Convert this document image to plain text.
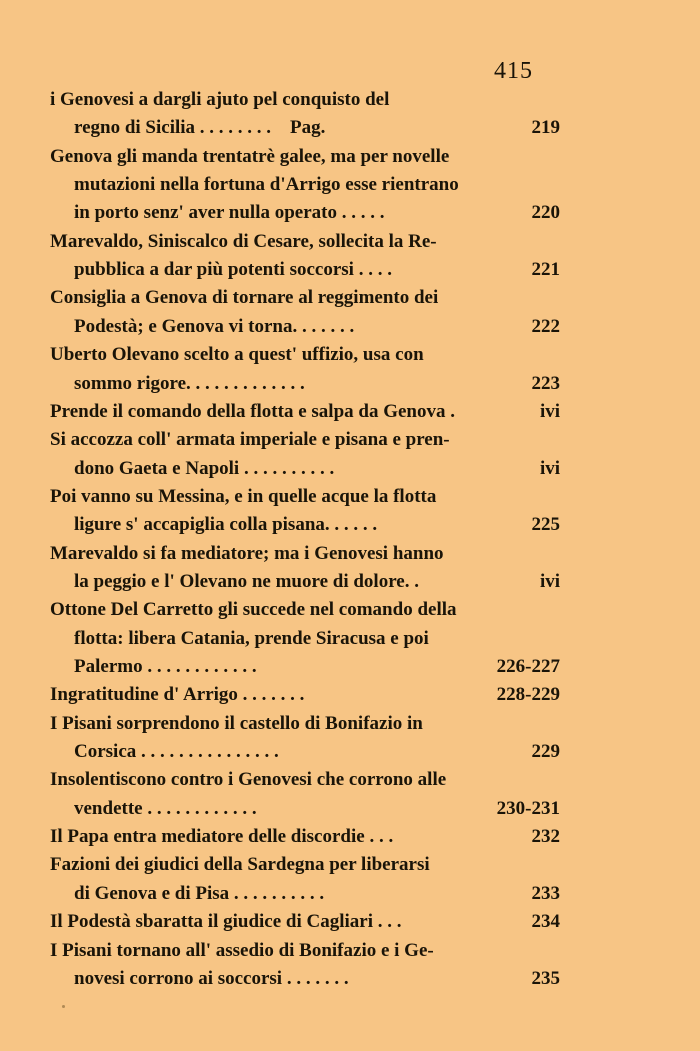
415
i Genovesi a dargli ajuto pel conquisto del
regno di Sicilia . . . . . . . .    Pag.	219
Genova gli manda trentatrè galee, ma per novelle
mutazioni nella fortuna d'Arrigo esse rientrano
in porto senz' aver nulla operato . . . . .	220
Marevaldo, Siniscalco di Cesare, sollecita la Re-
pubblica a dar più potenti soccorsi . . . .	221
Consiglia a Genova di tornare al reggimento dei
Podestà; e Genova vi torna. . . . . . .	222
Uberto Olevano scelto a quest' uffizio, usa con
sommo rigore. . . . . . . . . . . . .	223
Prende il comando della flotta e salpa da Genova .	ivi
Si accozza coll' armata imperiale e pisana e pren-
dono Gaeta e Napoli . . . . . . . . . .	ivi
Poi vanno su Messina, e in quelle acque la flotta
ligure s' accapiglia colla pisana. . . . . .	225
Marevaldo si fa mediatore; ma i Genovesi hanno
la peggio e l' Olevano ne muore di dolore. .	ivi
Ottone Del Carretto gli succede nel comando della
flotta: libera Catania, prende Siracusa e poi
Palermo . . . . . . . . . . . .	226-227
Ingratitudine d' Arrigo . . . . . . .	228-229
I Pisani sorprendono il castello di Bonifazio in
Corsica . . . . . . . . . . . . . . .	229
Insolentiscono contro i Genovesi che corrono alle
vendette . . . . . . . . . . . .	230-231
Il Papa entra mediatore delle discordie . . .	232
Fazioni dei giudici della Sardegna per liberarsi
di Genova e di Pisa . . . . . . . . . .	233
Il Podestà sbaratta il giudice di Cagliari . . .	234
I Pisani tornano all' assedio di Bonifazio e i Ge-
novesi corrono ai soccorsi . . . . . . .	235
